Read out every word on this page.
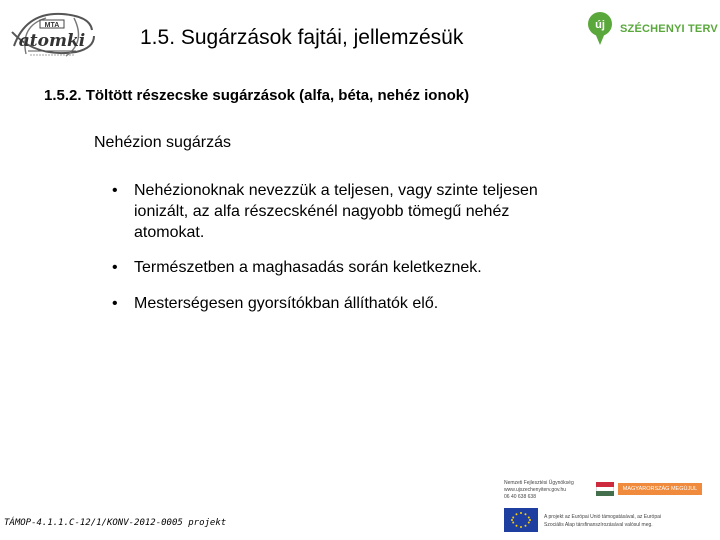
MTA
atomki
új SZÉCHENYI TERV
1.5. Sugárzások fajtái, jellemzésük
1.5.2. Töltött részecske sugárzások (alfa, béta, nehéz ionok)
Nehézion sugárzás
• Nehézionoknak nevezzük a teljesen, vagy szinte teljesen ionizált, az alfa részecskénél nagyobb tömegű nehéz atomokat.
• Természetben a maghasadás során keletkeznek.
• Mesterségesen gyorsítókban állíthatók elő.
TÁMOP-4.1.1.C-12/1/KONV-2012-0005 projekt
Nemzeti Fejlesztési Ügynökség
www.ujszechenyiterv.gov.hu
06 40 638 638
MAGYARORSZÁG MEGÚJUL
A projekt az Európai Unió támogatásával, az Európai
Szociális Alap társfinanszírozásával valósul meg.
